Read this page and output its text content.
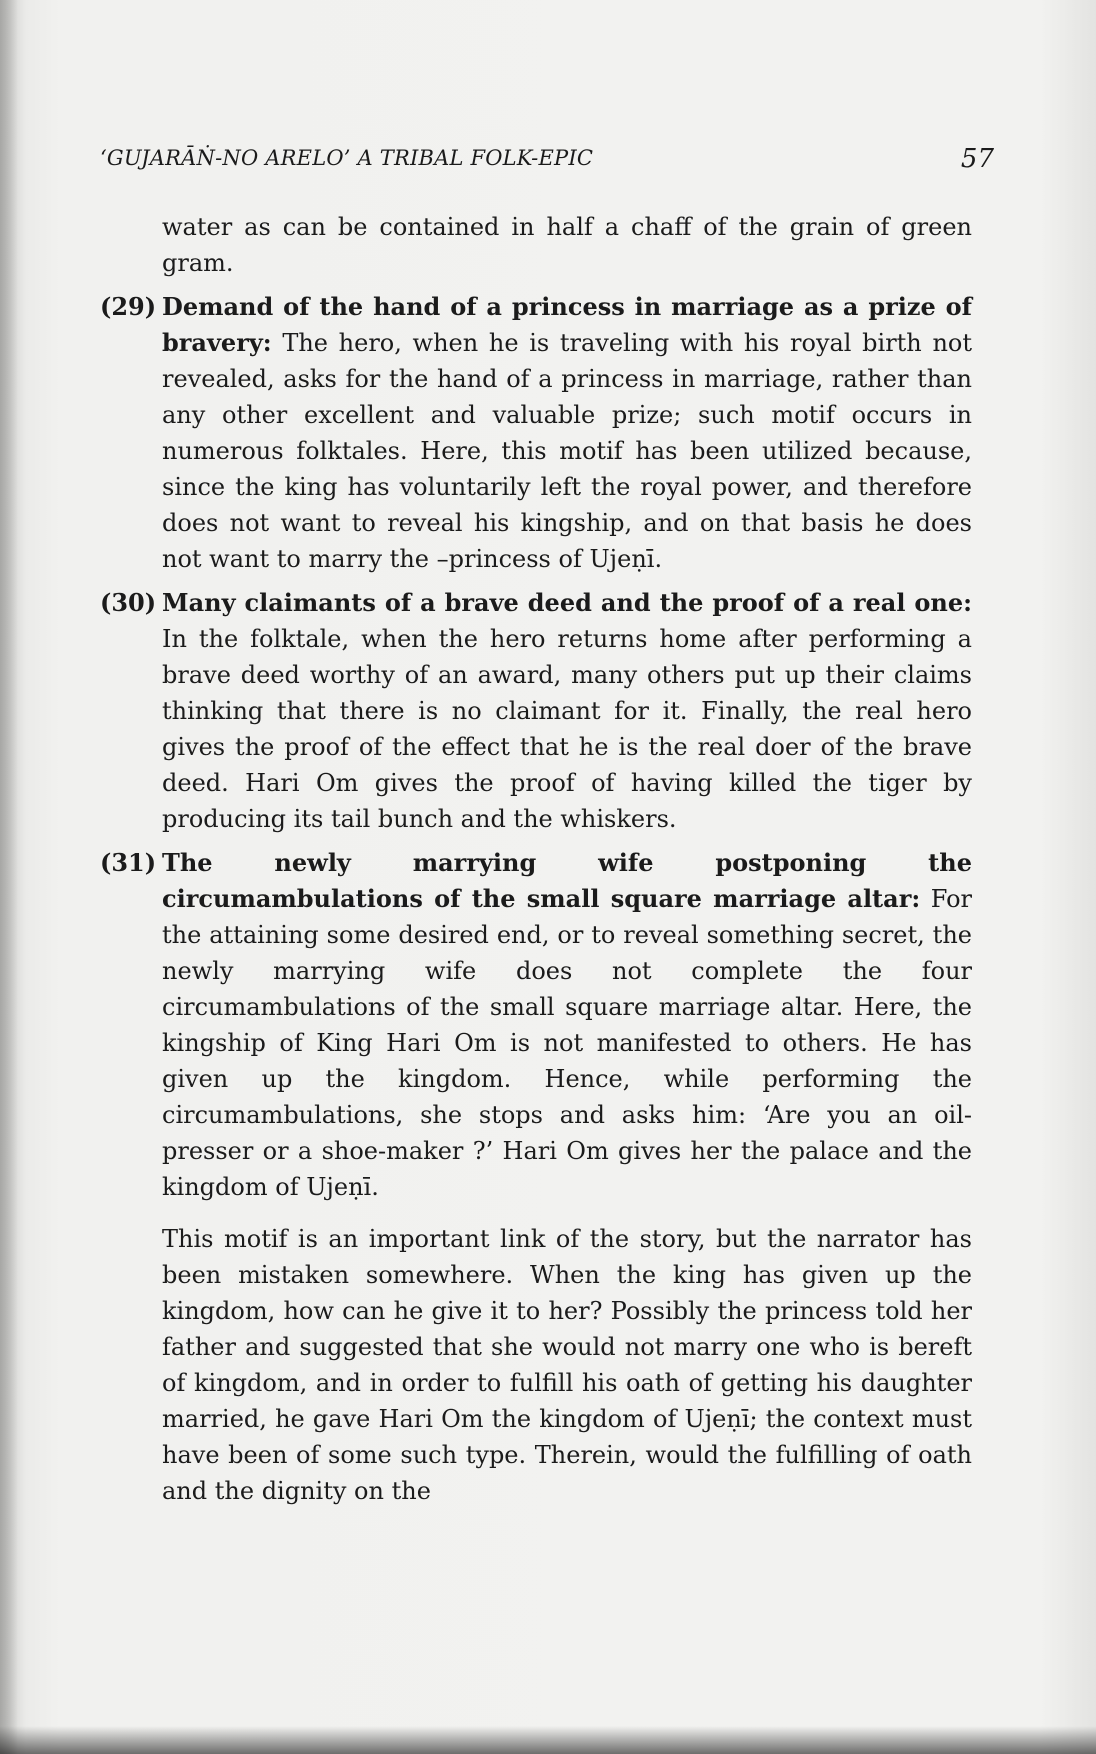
‘GUJARĀṄ-NO ARELO’ A TRIBAL FOLK-EPIC	57

water as can be contained in half a chaff of the grain of green gram.

(29) Demand of the hand of a princess in marriage as a prize of bravery: The hero, when he is traveling with his royal birth not revealed, asks for the hand of a princess in marriage, rather than any other excellent and valuable prize; such motif occurs in numerous folktales. Here, this motif has been utilized because, since the king has voluntarily left the royal power, and therefore does not want to reveal his kingship, and on that basis he does not want to marry the –princess of Ujeṇī.

(30) Many claimants of a brave deed and the proof of a real one: In the folktale, when the hero returns home after performing a brave deed worthy of an award, many others put up their claims thinking that there is no claimant for it. Finally, the real hero gives the proof of the effect that he is the real doer of the brave deed. Hari Om gives the proof of having killed the tiger by producing its tail bunch and the whiskers.

(31) The newly marrying wife postponing the circumambulations of the small square marriage altar: For the attaining some desired end, or to reveal something secret, the newly marrying wife does not complete the four circumambulations of the small square marriage altar. Here, the kingship of King Hari Om is not manifested to others. He has given up the kingdom. Hence, while performing the circumambulations, she stops and asks him: ‘Are you an oil-presser or a shoe-maker ?’ Hari Om gives her the palace and the kingdom of Ujeṇī.

This motif is an important link of the story, but the narrator has been mistaken somewhere. When the king has given up the kingdom, how can he give it to her? Possibly the princess told her father and suggested that she would not marry one who is bereft of kingdom, and in order to fulfill his oath of getting his daughter married, he gave Hari Om the kingdom of Ujeṇī; the context must have been of some such type. Therein, would the fulfilling of oath and the dignity on the
